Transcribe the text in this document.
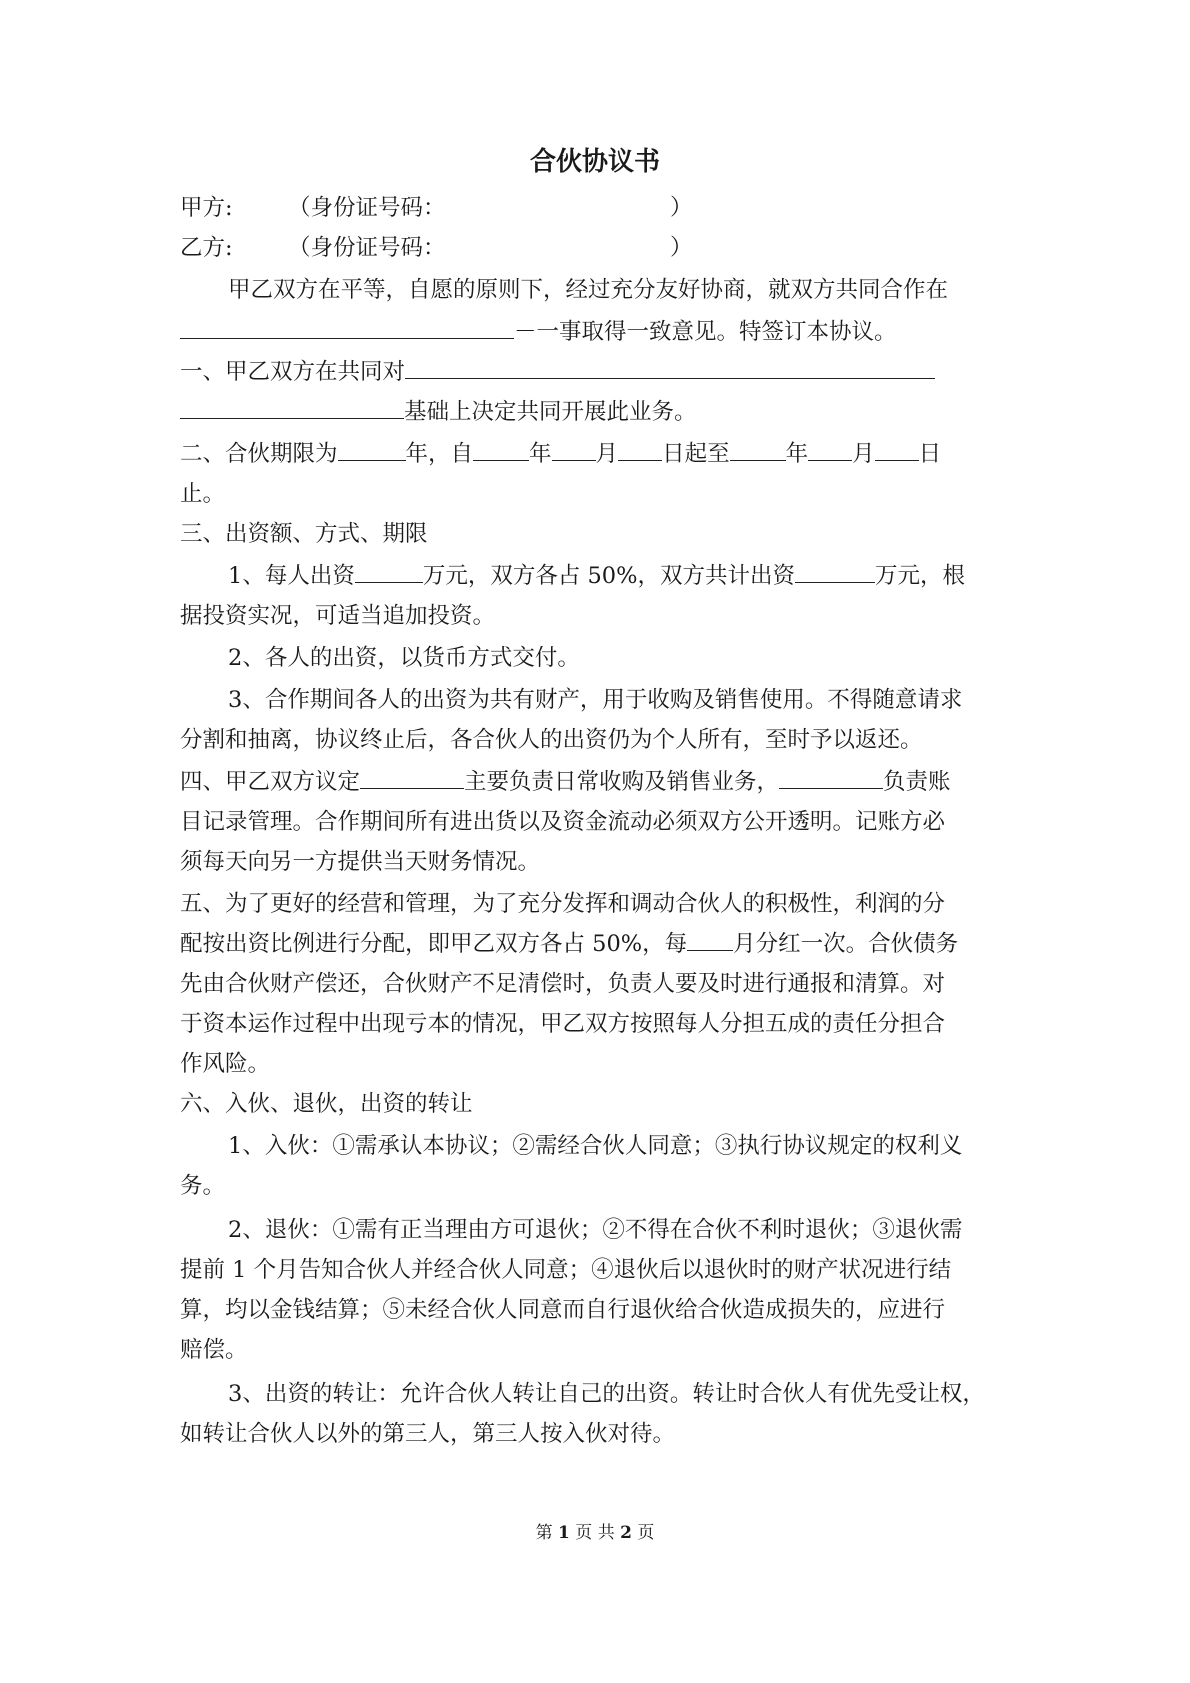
合伙协议书
甲方: （身份证号码：	）
乙方: （身份证号码：	）
甲乙双方在平等，自愿的原则下，经过充分友好协商，就双方共同合作在
－一事取得一致意见。特签订本协议。
一、甲乙双方在共同对
基础上决定共同开展此业务。
二、合伙期限为	年，自 年 月 日起至 年 月 日
止。
三、出资额、方式、期限
1、每人出资	万元，双方各占 50%，双方共计出资	万元，根
据投资实况，可适当追加投资。
2、各人的出资，以货币方式交付。
3、合作期间各人的出资为共有财产，用于收购及销售使用。不得随意请求
分割和抽离，协议终止后，各合伙人的出资仍为个人所有，至时予以返还。
四、甲乙双方议定	主要负责日常收购及销售业务，	负责账
目记录管理。合作期间所有进出货以及资金流动必须双方公开透明。记账方必
须每天向另一方提供当天财务情况。
五、为了更好的经营和管理，为了充分发挥和调动合伙人的积极性，利润的分
配按出资比例进行分配，即甲乙双方各占 50%，每 月分红一次。合伙债务
先由合伙财产偿还，合伙财产不足清偿时，负责人要及时进行通报和清算。对
于资本运作过程中出现亏本的情况，甲乙双方按照每人分担五成的责任分担合
作风险。
六、入伙、退伙，出资的转让
1、入伙：①需承认本协议；②需经合伙人同意；③执行协议规定的权利义
务。
2、退伙：①需有正当理由方可退伙；②不得在合伙不利时退伙；③退伙需
提前 1 个月告知合伙人并经合伙人同意；④退伙后以退伙时的财产状况进行结
算，均以金钱结算；⑤未经合伙人同意而自行退伙给合伙造成损失的，应进行
赔偿。
3、出资的转让：允许合伙人转让自己的出资。转让时合伙人有优先受让权，
如转让合伙人以外的第三人，第三人按入伙对待。
第 1 页 共 2 页
